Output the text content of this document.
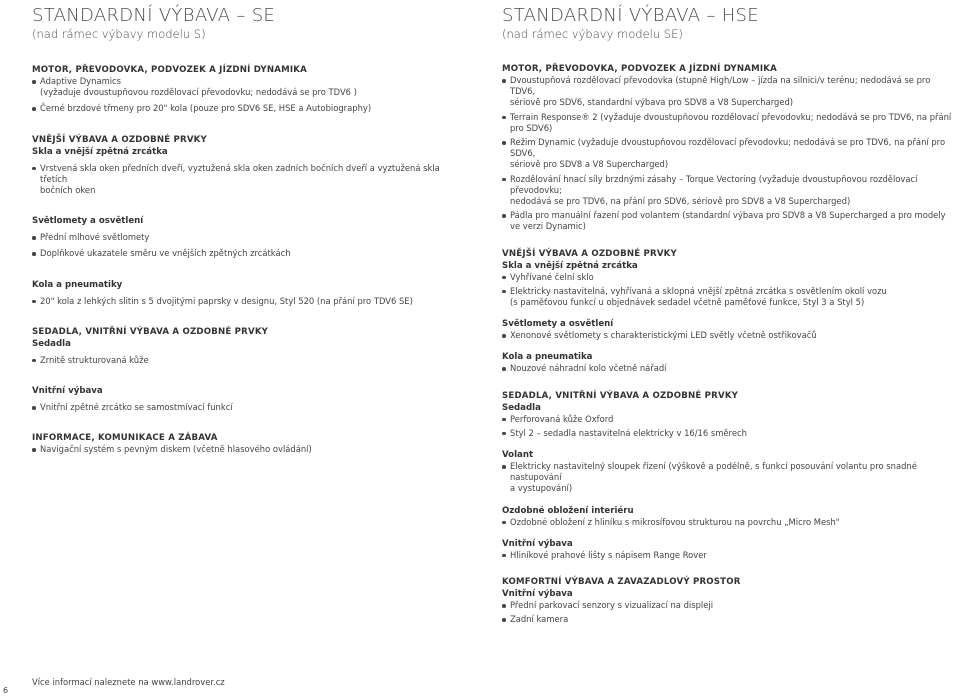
STANDARDNÍ VÝBAVA – SE
(nad rámec výbavy modelu S)
MOTOR, PŘEVODOVKA, PODVOZEK A JÍZDNÍ DYNAMIKA
Adaptive Dynamics
(vyžaduje dvoustupňovou rozdělovací převodovku; nedodává se pro TDV6 )
Černé brzdové třmeny pro 20" kola (pouze pro SDV6 SE, HSE a Autobiography)
VNĚJŠÍ VÝBAVA A OZDOBNÉ PRVKY
Skla a vnější zpětná zrcátka
Vrstvená skla oken předních dveří, vyztužená skla oken zadních bočních dveří a vyztužená skla třetích
bočních oken
Světlomety a osvětlení
Přední mlhové světlomety
Doplňkové ukazatele směru ve vnějších zpětných zrcátkách
Kola a pneumatiky
20" kola z lehkých slitin s 5 dvojitými paprsky v designu, Styl 520 (na přání pro TDV6 SE)
SEDADLA, VNITŘNÍ VÝBAVA A OZDOBNÉ PRVKY
Sedadla
Zrnitě strukturovaná kůže
Vnitřní výbava
Vnitřní zpětné zrcátko se samostmívací funkcí
INFORMACE, KOMUNIKACE A ZÁBAVA
Navigační systém s pevným diskem (včetně hlasového ovládání)
STANDARDNÍ VÝBAVA – HSE
(nad rámec výbavy modelu SE)
MOTOR, PŘEVODOVKA, PODVOZEK A JÍZDNÍ DYNAMIKA
Dvoustupňová rozdělovací převodovka (stupně High/Low – jízda na silnici/v terénu; nedodává se pro TDV6,
sériově pro SDV6, standardní výbava pro SDV8 a V8 Supercharged)
Terrain Response® 2 (vyžaduje dvoustupňovou rozdělovací převodovku; nedodává se pro TDV6, na přání
pro SDV6)
Režim Dynamic (vyžaduje dvoustupňovou rozdělovací převodovku; nedodává se pro TDV6, na přání pro SDV6,
sériově pro SDV8 a V8 Supercharged)
Rozdělování hnací síly brzdnými zásahy – Torque Vectoring (vyžaduje dvoustupňovou rozdělovací převodovku;
nedodává se pro TDV6, na přání pro SDV6, sériově pro SDV8 a V8 Supercharged)
Pádla pro manuální řazení pod volantem (standardní výbava pro SDV8 a V8 Supercharged a pro modely
ve verzi Dynamic)
VNĚJŠÍ VÝBAVA A OZDOBNÉ PRVKY
Skla a vnější zpětná zrcátka
Vyhřívané čelní sklo
Elektricky nastavitelná, vyhřívaná a sklopná vnější zpětná zrcátka s osvětlením okolí vozu
(s paměťovou funkcí u objednávek sedadel včetně paměťové funkce, Styl 3 a Styl 5)
Světlomety a osvětlení
Xenonové světlomety s charakteristickými LED světly včetně ostřikovačů
Kola a pneumatika
Nouzové náhradní kolo včetně nářadí
SEDADLA, VNITŘNÍ VÝBAVA A OZDOBNÉ PRVKY
Sedadla
Perforovaná kůže Oxford
Styl 2 – sedadla nastavitelná elektricky v 16/16 směrech
Volant
Elektricky nastavitelný sloupek řízení (výškově a podélně, s funkcí posouvání volantu pro snadné nastupování
a vystupování)
Ozdobné obložení interiéru
Ozdobné obložení z hliníku s mikrosífovou strukturou na povrchu „Micro Mesh"
Vnitřní výbava
Hliníkové prahové lišty s nápisem Range Rover
KOMFORTNÍ VÝBAVA A ZAVAZADLOVÝ PROSTOR
Vnitřní výbava
Přední parkovací senzory s vizualizací na displeji
Zadní kamera
Více informací naleznete na www.landrover.cz
6
